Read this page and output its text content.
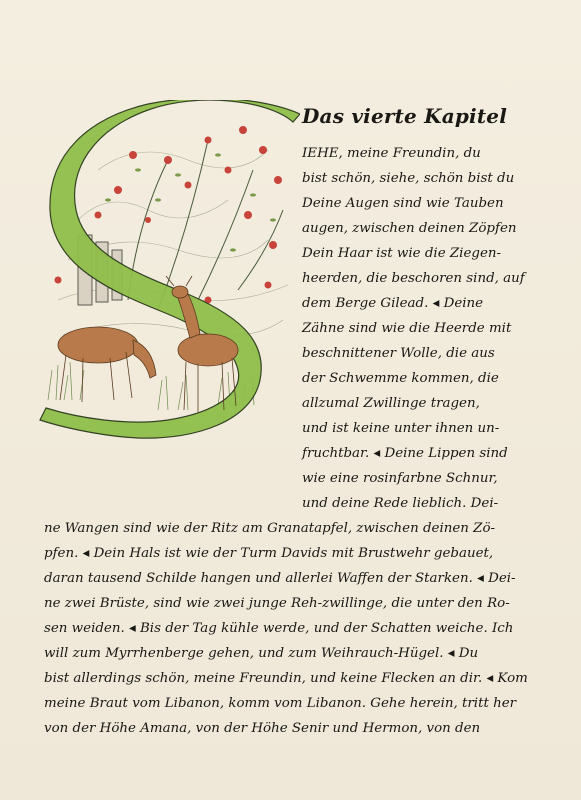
Das vierte Kapitel
IEHE, meine Freundin, du
bist schön, siehe, schön bist du
Deine Augen sind wie Tauben
augen, zwischen deinen Zöpfen
Dein Haar ist wie die Ziegen-
heerden, die beschoren sind, auf
dem Berge Gilead. ◂ Deine
Zähne sind wie die Heerde mit
beschnittener Wolle, die aus
der Schwemme kommen, die
allzumal Zwillinge tragen,
und ist keine unter ihnen un-
fruchtbar. ◂ Deine Lippen sind
wie eine rosinfarbne Schnur,
und deine Rede lieblich. Dei-
ne Wangen sind wie der Ritz am Granatapfel, zwischen deinen Zö-
pfen. ◂ Dein Hals ist wie der Turm Davids mit Brustwehr gebauet,
daran tausend Schilde hangen und allerlei Waffen der Starken. ◂ Dei-
ne zwei Brüste, sind wie zwei junge Reh-zwillinge, die unter den Ro-
sen weiden. ◂ Bis der Tag kühle werde, und der Schatten weiche. Ich
will zum Myrrhenberge gehen, und zum Weihrauch-Hügel. ◂ Du
bist allerdings schön, meine Freundin, und keine Flecken an dir. ◂ Kom
meine Braut vom Libanon, komm vom Libanon. Gehe herein, tritt her
von der Höhe Amana, von der Höhe Senir und Hermon, von den
